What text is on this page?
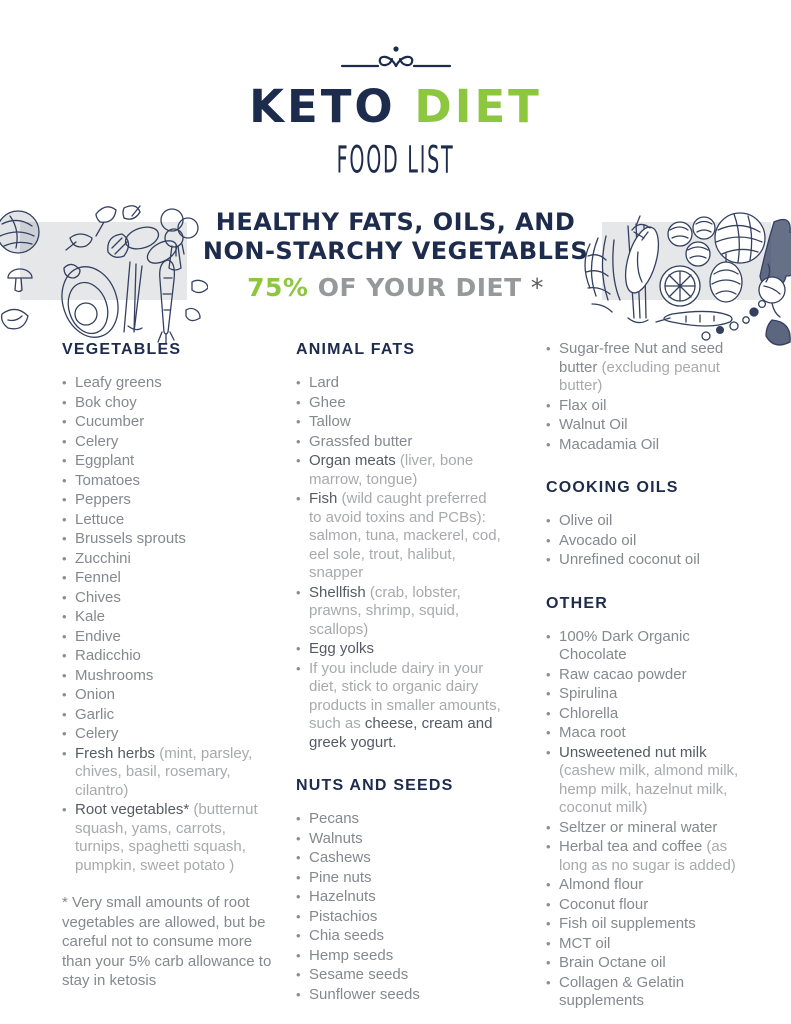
KETO DIET
FOOD LIST
HEALTHY FATS, OILS, AND
NON-STARCHY VEGETABLES
75% OF YOUR DIET *
VEGETABLES
• Leafy greens
• Bok choy
• Cucumber
• Celery
• Eggplant
• Tomatoes
• Peppers
• Lettuce
• Brussels sprouts
• Zucchini
• Fennel
• Chives
• Kale
• Endive
• Radicchio
• Mushrooms
• Onion
• Garlic
• Celery
• Fresh herbs (mint, parsley, chives, basil, rosemary, cilantro)
• Root vegetables* (butternut squash, yams, carrots, turnips, spaghetti squash, pumpkin, sweet potato )

* Very small amounts of root vegetables are allowed, but be careful not to consume more than your 5% carb allowance to stay in ketosis

ANIMAL FATS
• Lard
• Ghee
• Tallow
• Grassfed butter
• Organ meats (liver, bone marrow, tongue)
• Fish (wild caught preferred to avoid toxins and PCBs): salmon, tuna, mackerel, cod, eel sole, trout, halibut, snapper
• Shellfish (crab, lobster, prawns, shrimp, squid, scallops)
• Egg yolks
• If you include dairy in your diet, stick to organic dairy products in smaller amounts, such as cheese, cream and greek yogurt.
NUTS AND SEEDS
• Pecans
• Walnuts
• Cashews
• Pine nuts
• Hazelnuts
• Pistachios
• Chia seeds
• Hemp seeds
• Sesame seeds
• Sunflower seeds
• Sugar-free Nut and seed butter (excluding peanut butter)
• Flax oil
• Walnut Oil
• Macadamia Oil
COOKING OILS
• Olive oil
• Avocado oil
• Unrefined coconut oil
OTHER
• 100% Dark Organic Chocolate
• Raw cacao powder
• Spirulina
• Chlorella
• Maca root
• Unsweetened nut milk (cashew milk, almond milk, hemp milk, hazelnut milk, coconut milk)
• Seltzer or mineral water
• Herbal tea and coffee (as long as no sugar is added)
• Almond flour
• Coconut flour
• Fish oil supplements
• MCT oil
• Brain Octane oil
• Collagen & Gelatin supplements
